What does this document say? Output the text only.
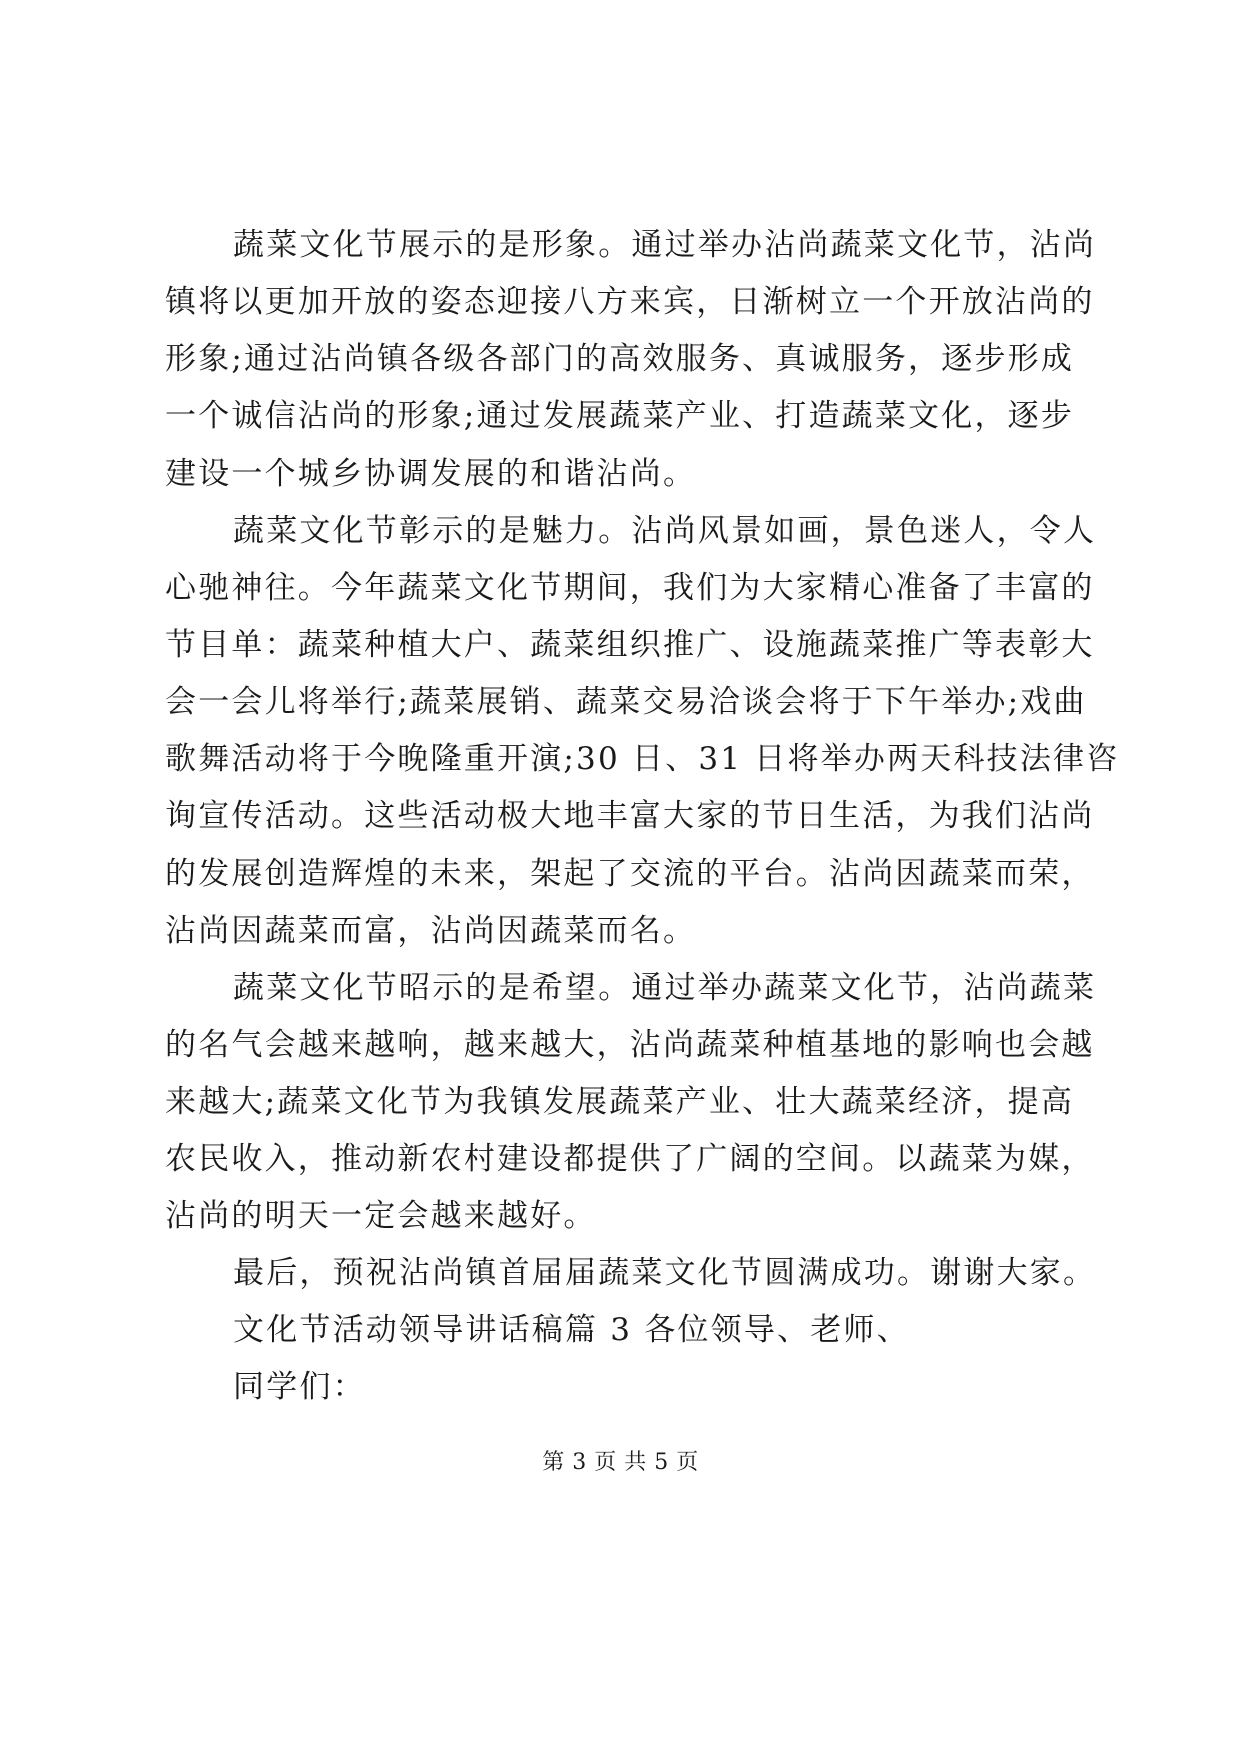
蔬菜文化节展示的是形象。通过举办沾尚蔬菜文化节，沾尚
镇将以更加开放的姿态迎接八方来宾，日渐树立一个开放沾尚的
形象;通过沾尚镇各级各部门的高效服务、真诚服务，逐步形成
一个诚信沾尚的形象;通过发展蔬菜产业、打造蔬菜文化，逐步
建设一个城乡协调发展的和谐沾尚。
蔬菜文化节彰示的是魅力。沾尚风景如画，景色迷人，令人
心驰神往。今年蔬菜文化节期间，我们为大家精心准备了丰富的
节目单：蔬菜种植大户、蔬菜组织推广、设施蔬菜推广等表彰大
会一会儿将举行;蔬菜展销、蔬菜交易洽谈会将于下午举办;戏曲
歌舞活动将于今晚隆重开演;30 日、31 日将举办两天科技法律咨
询宣传活动。这些活动极大地丰富大家的节日生活，为我们沾尚
的发展创造辉煌的未来，架起了交流的平台。沾尚因蔬菜而荣，
沾尚因蔬菜而富，沾尚因蔬菜而名。
蔬菜文化节昭示的是希望。通过举办蔬菜文化节，沾尚蔬菜
的名气会越来越响，越来越大，沾尚蔬菜种植基地的影响也会越
来越大;蔬菜文化节为我镇发展蔬菜产业、壮大蔬菜经济，提高
农民收入，推动新农村建设都提供了广阔的空间。以蔬菜为媒，
沾尚的明天一定会越来越好。
最后，预祝沾尚镇首届届蔬菜文化节圆满成功。谢谢大家。
第 3 页 共 5 页
文化节活动领导讲话稿篇 3 各位领导、老师、
同学们：
